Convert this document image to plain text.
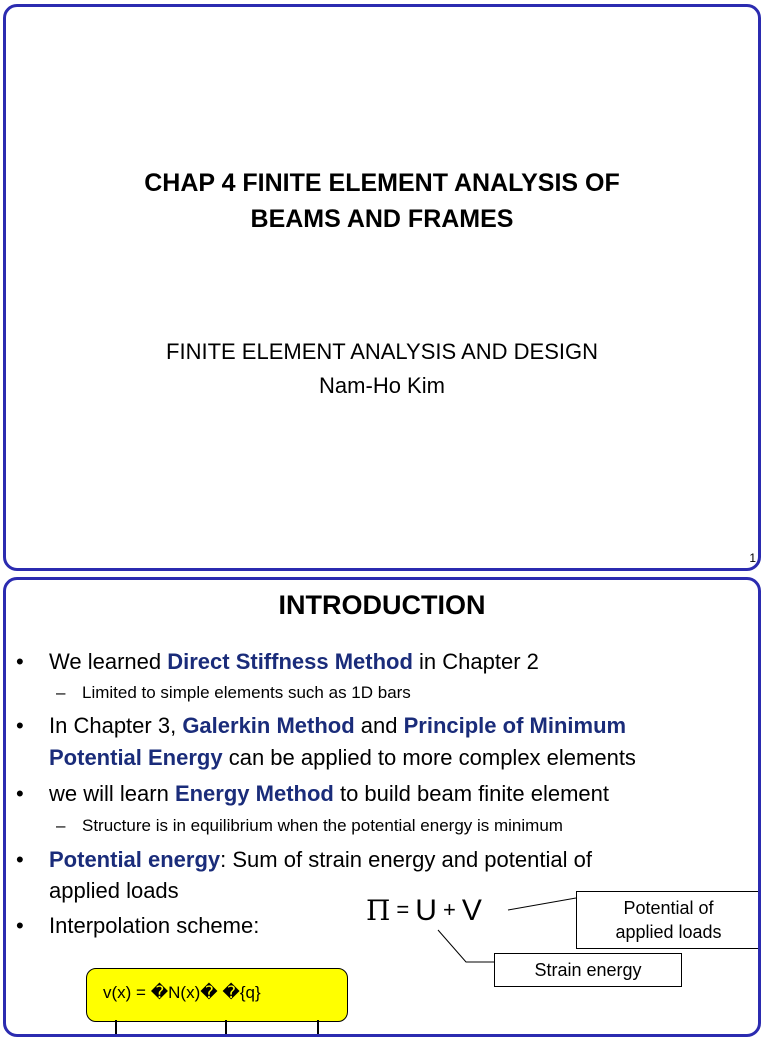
CHAP 4 FINITE ELEMENT ANALYSIS OF
BEAMS AND FRAMES
FINITE ELEMENT ANALYSIS AND DESIGN
Nam-Ho Kim
1
INTRODUCTION
• We learned Direct Stiffness Method in Chapter 2
– Limited to simple elements such as 1D bars
• In Chapter 3, Galerkin Method and Principle of Minimum
Potential Energy can be applied to more complex elements
• we will learn Energy Method to build beam finite element
– Structure is in equilibrium when the potential energy is minimum
• Potential energy: Sum of strain energy and potential of
applied loads
• Interpolation scheme:	Π = U + V	Potential of
applied loads
Strain energy
v(x) = �N(x)� �{q}
